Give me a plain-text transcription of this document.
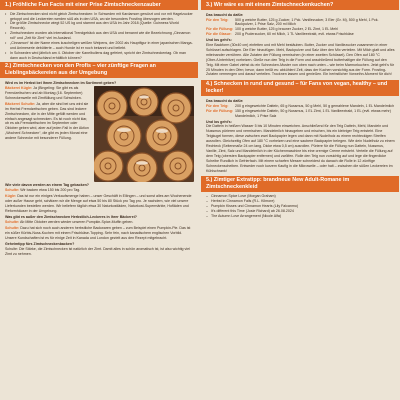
1.) Fröhliche Fun Facts mit einer Prise Zimtschneckenzauber
• Die Zimtschnecken sind nicht gleich Zimtschnecken: In Schweden mit Kardamom gewürzt und vor mit Hagelzucker getoppt und die Leckereien werden süß als in den USA, wo sie besonders Frosting überzogen werden.
• Die größte Zimtschnecke wiegt 52 US kg und stammt aus den USA im Jahr 2018 (Quelle: Guinness World Records).
• Zimtschnecken wurden als international Trendgebäck aus den USA und benannt wie die Bezeichnung „Cinnamon roll“ und „Zeit für Zimt“ viel im Ausland.
• „Cinnamon“ ist der Name eines kuscheligen weißen Welpens, der 2002 als Hauptfigur in einer japanischen Manga- und Animeserie debütierte – auch Hunde ist er noch bekannt und beliebt.
• In Schweden wird jährlich am 4. Oktober der Kanelbullens dag gefeiert, spricht der Zimtschneckentag. Ob man dann auch in Deutschland erhältlich können?
2.) Zimtschnecken von den Profis – vier zünftige Fragen an Lieblingsbäckereien aus der Umgebung
Wird es im Herbst bei Ihnen Zimtschnecken im Sortiment geben?
Bäckerei Kügle: Ja (Bingeling: Sie gibt es als Fremdzeitschen und ab Montag (16. September) Schneckenwelle mit Zimtfüllung und Schwinken.
Bäckerei Schulte: Ja, aber die sind bei uns wird sie im Herbst Fremdzeitschen geben. Das sind leckere Zimtschnecken, die in der Mitte gefüllt werden und einfach angesagt schmecken. Es ist noch nicht klar, ob es als Fremdzeitschen im September oder Oktober geben wird, aber auf jeden Fall in der Aktion „Wochenf-Schnecken“, die gibt es jeden Monat eine andere Schnecke mit besonderer Füllung.
Wie viele davon werden an einem Tag gebacken?
Schulte: Wir backen etwa 150 bis 200 pro Tag.
Kügle: Das ist nur ein einiges Verkaufsmenge haben – unser Geschäft in Ellingen – und sonst alles am Wochenende oder außer Hause geht, schätzen wir die Menge auf etwa 50 bis 80 Stück pro Tag pro. Je nachdem, wie viel unsere Lieferkunden bestellen werden. Wir beliefern täglich etwa 30 Naturkostläden, Naturkost-Supermärkte, Hofläden und Reformhäuser in der Umgebung.
Was gibt es außer den Zimtschnecken Herbstlich-Leckeres in Ihrer Bäckerei?
Schulte: Ab Mitte Oktober werden wieder unseren Pumpkin-Spice-Muffin geben.
Schulte: Dazu hat sich noch auch anderen herbstliche Backwaren geben – zum Beispiel einen Pumpkin-Pie. Das ist ein süßer Kürbis-Nuss-Kuchen mit einem Frischkäse-Topping. Sehr fein, nach kanadischem englischen Vorbild. Unsere Kundschaften ist es für einige Zeit in Kanada und London gezielt aus den Rezept mitgebracht.
Geheimtipp fürs Zimtschneckenbacken?
Schulte: Die Stärke, die Zimtschnecken ist natürlich der Zimt. Damit alles in schön aromatisch ist, ist also wichtig viel Zimt zu nehmen.
3.) Wir wäre es mit einem Zimtschneckenkuchen?
Das braucht du dafür:
Für den Teig:	500 g weiche Butter, 125 g Zucker, 1 Pck. Vanillezucker, 3 Eier (Gr. M), 500 g Mehl, 1 Pck. Backpulver, 1 Prise Salz, 200 ml Milch
Für die Füllung: 100 g weiche Butter, 125 g brauner Zucker, 2 EL Zimt, 1 EL Mehl
Für die Glasur: 200 g Puderzucker, 60 ml Milch, 1 TL Vanilleextrakt, evtl. etwas Frischkäse
Und los geht's:
Eine Backform (30x40 cm) einfetten und mit Mehl bestäuben. Butter, Zucker und Vanillezucker zusammen in einer Schüssel aufschlagen. Die Eier hinzufügen. Mehl, Backpulver und Salz über den Mix verteilen. Mit Milch glatt und alles miteinander verrühren. Alle Zutaten der Füllung vermischen (in einer zweiten Schüssel). Den Ofen auf 180 °C (Ober-/Unterhitze) vorheizen. Gieße nun den Teig in die Form und anschließend butterhaltiger die Füllung auf den Teig. Mit einer Gabel ziehst du ein Schnecken-Muster von oben nach unten – wie beim Marmorkuchen. Jetzt geht's für 25 Minuten in den Ofen; bevor, dann heißt es: abkühlen! Zeit, dass der Kuchen vorsichtig aus der Form. Frosting-Zutaten vermengen und darauf verteilen. Trocknen lassen und genießen. Ein herbstlicher Vorweihn-Moment für dich!
4.) Schnecken in rund und gesund – für Fans von vegan, healthy – und lecker!
Das braucht du dafür:
Für den Teig:	200 g eingeweichte Datteln, 65 g Nussmus, 50 g Mehl, 50 g gemahlene Mandeln, 1 EL Mandelmilch
Für die Füllung: 150 g eingeweichte Datteln, 50 g Nussmus, 1 EL Zimt, 1 EL Vanilleextrakt, 1 EL (evtl. etwas mehr) Mandelmilch, 1 Prise Salz
Und los geht's:
Die Datteln in heißem Wasser 5 bis 10 Minuten einweichen. Anschließend für den Teig Datteln, Mehl, Mandeln und Nussmus pürieren und vermischen. Mandelmilch hinzugeben und mischen, bis ein klebriger Teig entsteht. Eine Teigkugel formen, diese zwischen zwei Backpapier legen und dann mit Nudelholz zu einem rechteckigen Streifen ausrollen. Gleichzeitig Ofen auf 180 °C vorheizen und eine saubere Backpapier belegen. Wie dein Nudelholz zu einem Rechteck (Seitenmaße 24 cm lang, Dicke etwa 0,5 cm) ausrollen. Püriere für die Füllung nun Datteln, Nussmus, Vanille, Zimt, Salz und Mandelmilch in der Küchenmaschine bis eine cremige Creme entsteht. Verteile die Füllung auf dem Teig (obersten Backpapier entfernen) und zwölfen. Rolle den Teig nun vorsichtig auf und lege die fingerdicke Scheibe Rundlich in Gefrierfach. Mit einem scharfen Messer schneidest du danach die Rolle in 12 zünftige Schneckenscheiben. Entweder noch kurzem Kaufig in die Mikrowelle – oder halt – zwischen die süßen Leckereien im Kühlschrank!
5.) Zimtiger Extratipp: brandneue New Adult-Romane im Zimtschneckenkleid
– Cinnamon Spice Love (Morgan Graham)
– Herbst in Cinnamon Falls (R.L. Kilmore)
– Pumpkin Kisses und Cinnamon Hearts (Lily Falcanmo)
– It's different this Time (Josie Richard) ab 26.08.2024
– The Autumn Love Arrangement (Nicole Alfa)
